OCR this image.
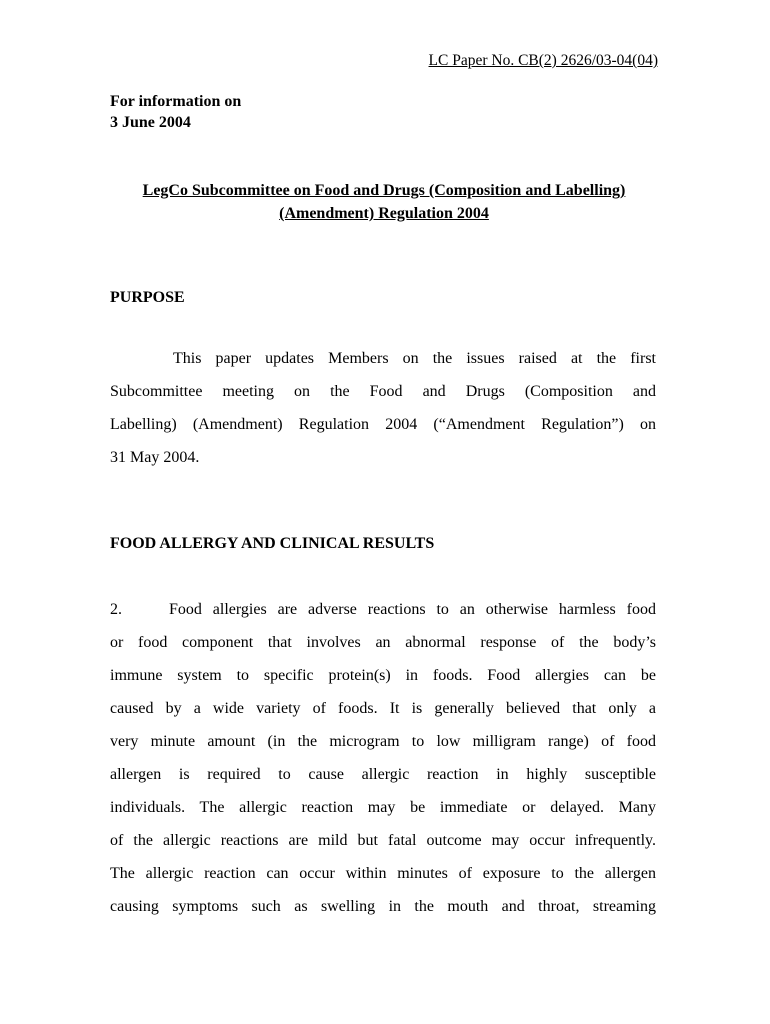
LC Paper No. CB(2) 2626/03-04(04)
For information on
3 June 2004
LegCo Subcommittee on Food and Drugs (Composition and Labelling)
(Amendment) Regulation 2004
PURPOSE
This paper updates Members on the issues raised at the first
Subcommittee meeting on the Food and Drugs (Composition and
Labelling) (Amendment) Regulation 2004 (“Amendment Regulation”) on
31 May 2004.
FOOD ALLERGY AND CLINICAL RESULTS
2.	Food allergies are adverse reactions to an otherwise harmless food
or food component that involves an abnormal response of the body’s
immune system to specific protein(s) in foods. Food allergies can be
caused by a wide variety of foods. It is generally believed that only a
very minute amount (in the microgram to low milligram range) of food
allergen is required to cause allergic reaction in highly susceptible
individuals. The allergic reaction may be immediate or delayed. Many
of the allergic reactions are mild but fatal outcome may occur infrequently.
The allergic reaction can occur within minutes of exposure to the allergen
causing symptoms such as swelling in the mouth and throat, streaming
